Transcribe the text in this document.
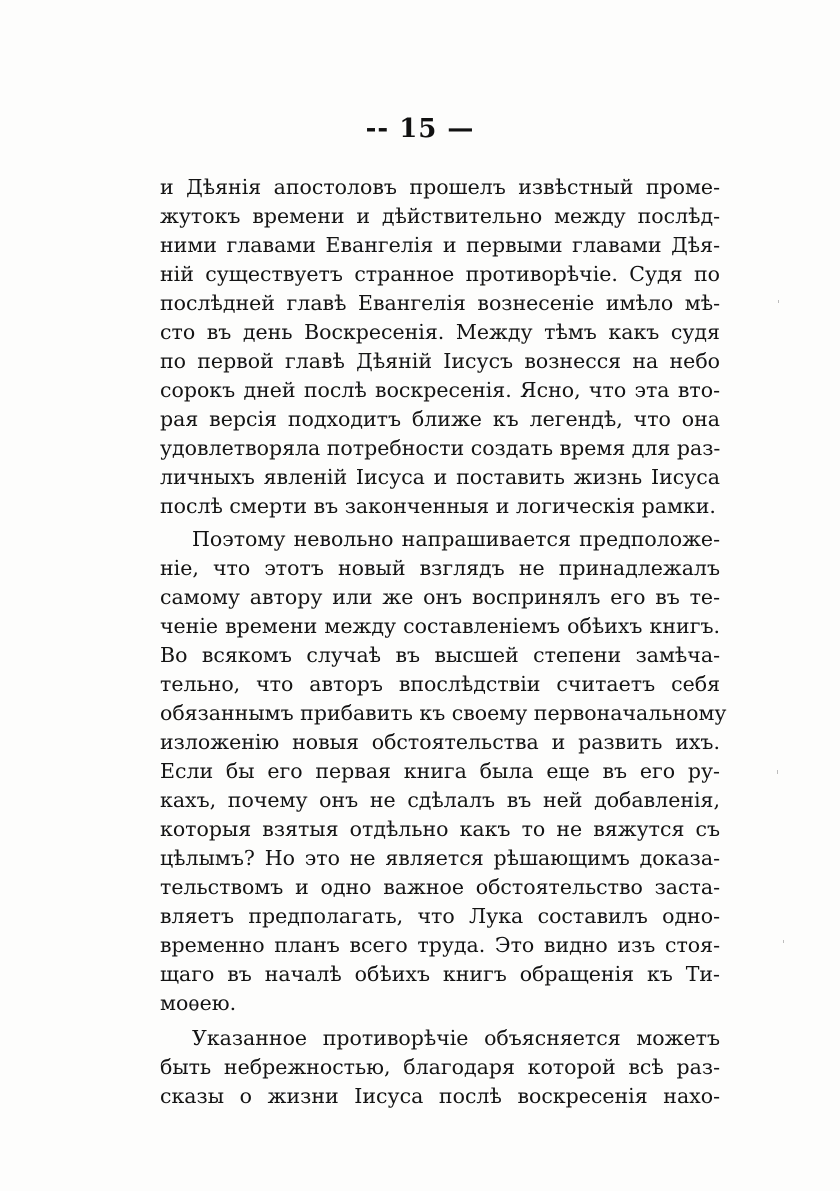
-- 15 —
и Дѣянія апостоловъ прошелъ извѣстный проме-
жутокъ времени и дѣйствительно между послѣд-
ними главами Евангелія и первыми главами Дѣя-
ній существуетъ странное противорѣчіе. Судя по
послѣдней главѣ Евангелія вознесеніе имѣло мѣ-
сто въ день Воскресенія. Между тѣмъ какъ судя
по первой главѣ Дѣяній Іисусъ вознесся на небо
сорокъ дней послѣ воскресенія. Ясно, что эта вто-
рая версія подходитъ ближе къ легендѣ, что она
удовлетворяла потребности создать время для раз-
личныхъ явленій Іисуса и поставить жизнь Іисуса
послѣ смерти въ законченныя и логическія рамки.
Поэтому невольно напрашивается предположе-
ніе, что этотъ новый взглядъ не принадлежалъ
самому автору или же онъ воспринялъ его въ те-
ченіе времени между составленіемъ обѣихъ книгъ.
Во всякомъ случаѣ въ высшей степени замѣча-
тельно, что авторъ впослѣдствіи считаетъ себя
обязаннымъ прибавить къ своему первоначальному
изложенію новыя обстоятельства и развить ихъ.
Если бы его первая книга была еще въ его ру-
кахъ, почему онъ не сдѣлалъ въ ней добавленія,
которыя взятыя отдѣльно какъ то не вяжутся съ
цѣлымъ? Но это не является рѣшающимъ доказа-
тельствомъ и одно важное обстоятельство заста-
вляетъ предполагать, что Лука составилъ одно-
временно планъ всего труда. Это видно изъ стоя-
щаго въ началѣ обѣихъ книгъ обращенія къ Ти-
моѳею.
Указанное противорѣчіе объясняется можетъ
быть небрежностью, благодаря которой всѣ раз-
сказы о жизни Іисуса послѣ воскресенія нахо-
